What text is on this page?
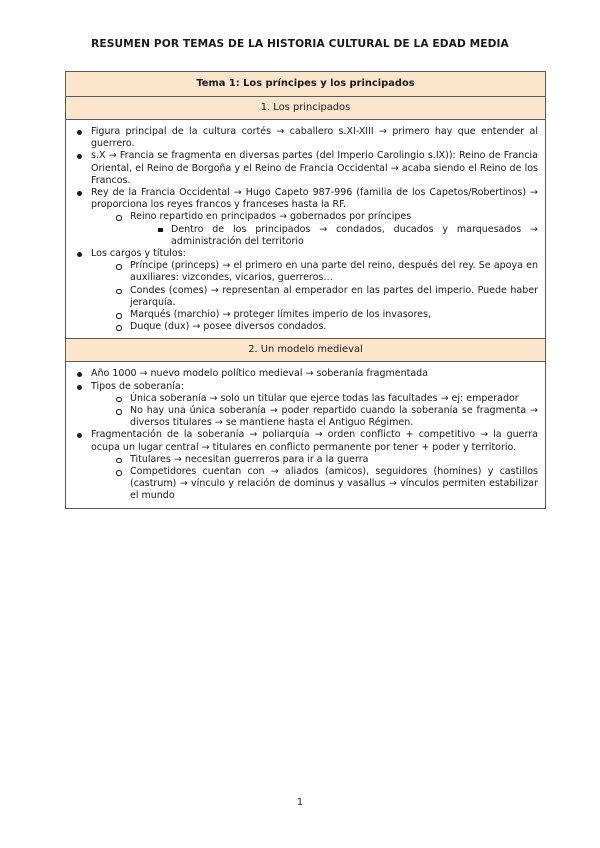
RESUMEN POR TEMAS DE LA HISTORIA CULTURAL DE LA EDAD MEDIA
Tema 1: Los príncipes y los principados
1. Los principados
Figura principal de la cultura cortés → caballero s.XI-XIII → primero hay que entender al guerrero.
s.X → Francia se fragmenta en diversas partes (del Imperio Carolingio s.IX)): Reino de Francia Oriental, el Reino de Borgoña y el Reino de Francia Occidental → acaba siendo el Reino de los Francos.
Rey de la Francia Occidental → Hugo Capeto 987-996 (familia de los Capetos/Robertinos) → proporciona los reyes francos y franceses hasta la RF.
Reino repartido en principados → gobernados por príncipes
Dentro de los principados → condados, ducados y marquesados → administración del territorio
Los cargos y títulos:
Príncipe (princeps) → el primero en una parte del reino, después del rey. Se apoya en auxiliares: vizcondes, vicarios, guerreros…
Condes (comes) → representan al emperador en las partes del imperio. Puede haber jerarquía.
Marqués (marchio) → proteger límites imperio de los invasores,
Duque (dux) → posee diversos condados.
2. Un modelo medieval
Año 1000 → nuevo modelo político medieval → soberanía fragmentada
Tipos de soberanía:
Única soberanía → solo un titular que ejerce todas las facultades → ej: emperador
No hay una única soberanía → poder repartido cuando la soberanía se fragmenta → diversos titulares → se mantiene hasta el Antiguo Régimen.
Fragmentación de la soberanía → poliarquía → orden conflicto + competitivo → la guerra ocupa un lugar central → titulares en conflicto permanente por tener + poder y territorio.
Titulares → necesitan guerreros para ir a la guerra
Competidores cuentan con → aliados (amicos), seguidores (homines) y castillos (castrum) → vínculo y relación de dominus y vasallus → vínculos permiten estabilizar el mundo
1
